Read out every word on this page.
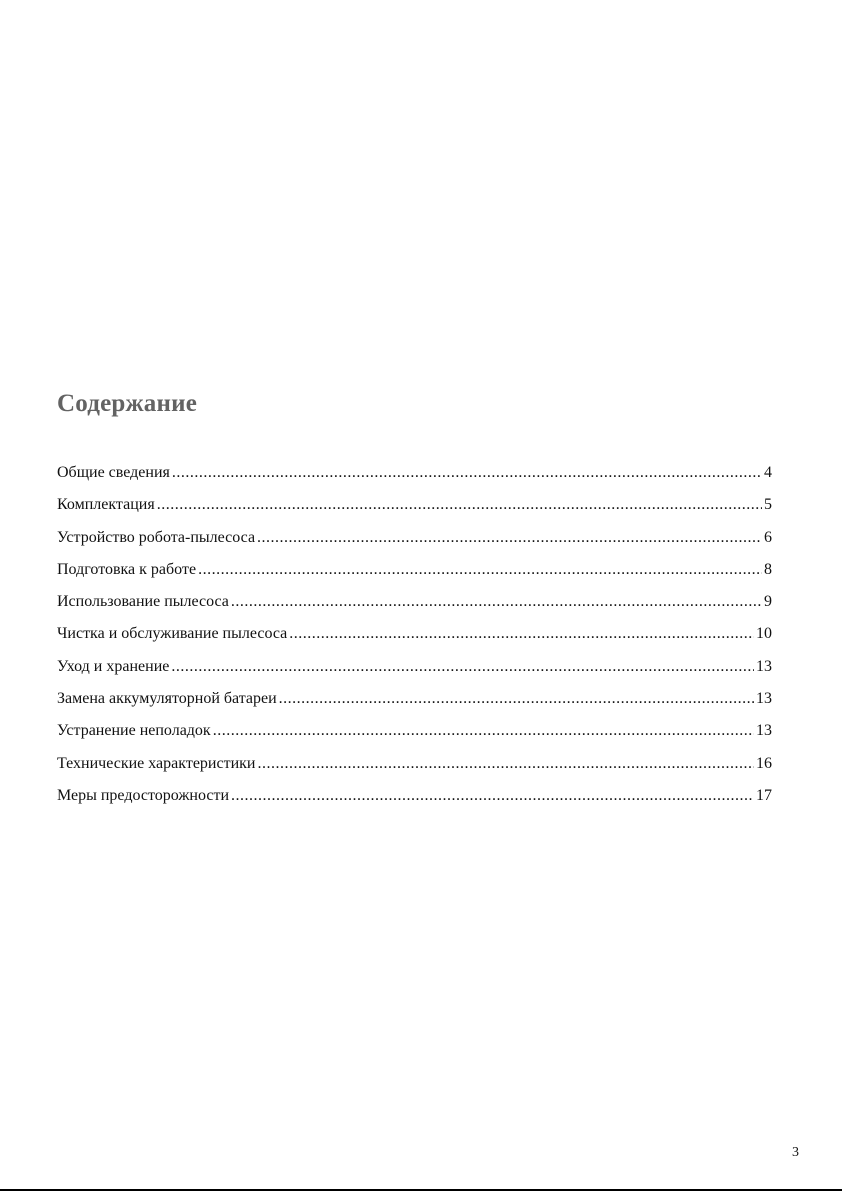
Содержание
Общие сведения .....	4
Комплектация .....	5
Устройство робота-пылесоса .....	6
Подготовка к работе .....	8
Использование пылесоса .....	9
Чистка и обслуживание пылесоса .....	10
Уход и хранение .....	13
Замена аккумуляторной батареи .....	13
Устранение неполадок .....	13
Технические характеристики .....	16
Меры предосторожности .....	17
3
